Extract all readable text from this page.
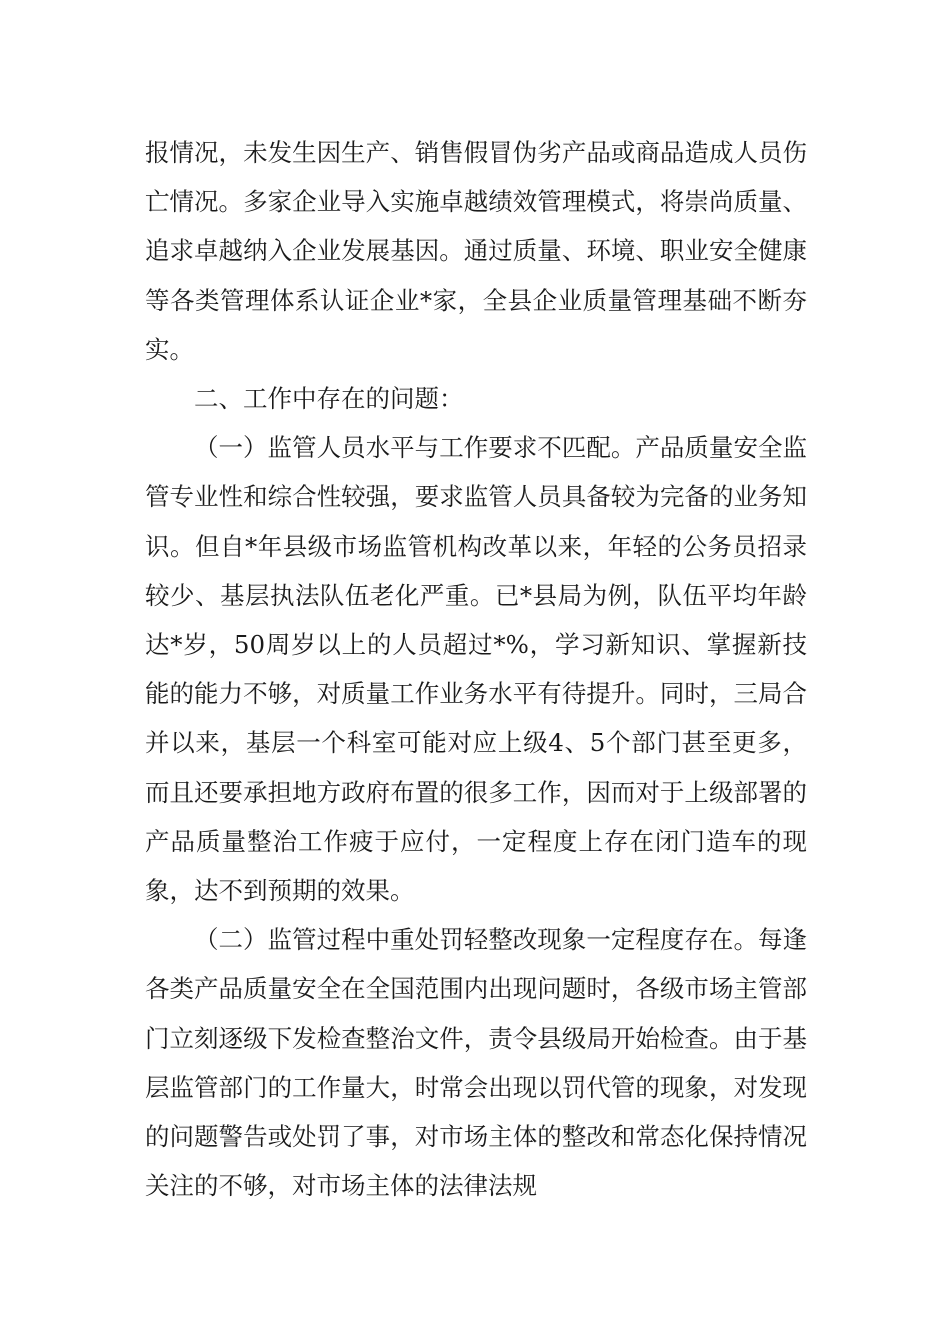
报情况，未发生因生产、销售假冒伪劣产品或商品造成人员伤亡情况。多家企业导入实施卓越绩效管理模式，将崇尚质量、追求卓越纳入企业发展基因。通过质量、环境、职业安全健康等各类管理体系认证企业*家，全县企业质量管理基础不断夯实。

二、工作中存在的问题：

（一）监管人员水平与工作要求不匹配。产品质量安全监管专业性和综合性较强，要求监管人员具备较为完备的业务知识。但自*年县级市场监管机构改革以来，年轻的公务员招录较少、基层执法队伍老化严重。已*县局为例，队伍平均年龄达*岁，50周岁以上的人员超过*%，学习新知识、掌握新技能的能力不够，对质量工作业务水平有待提升。同时，三局合并以来，基层一个科室可能对应上级4、5个部门甚至更多，而且还要承担地方政府布置的很多工作，因而对于上级部署的产品质量整治工作疲于应付，一定程度上存在闭门造车的现象，达不到预期的效果。

（二）监管过程中重处罚轻整改现象一定程度存在。每逢各类产品质量安全在全国范围内出现问题时，各级市场主管部门立刻逐级下发检查整治文件，责令县级局开始检查。由于基层监管部门的工作量大，时常会出现以罚代管的现象，对发现的问题警告或处罚了事，对市场主体的整改和常态化保持情况关注的不够，对市场主体的法律法规
